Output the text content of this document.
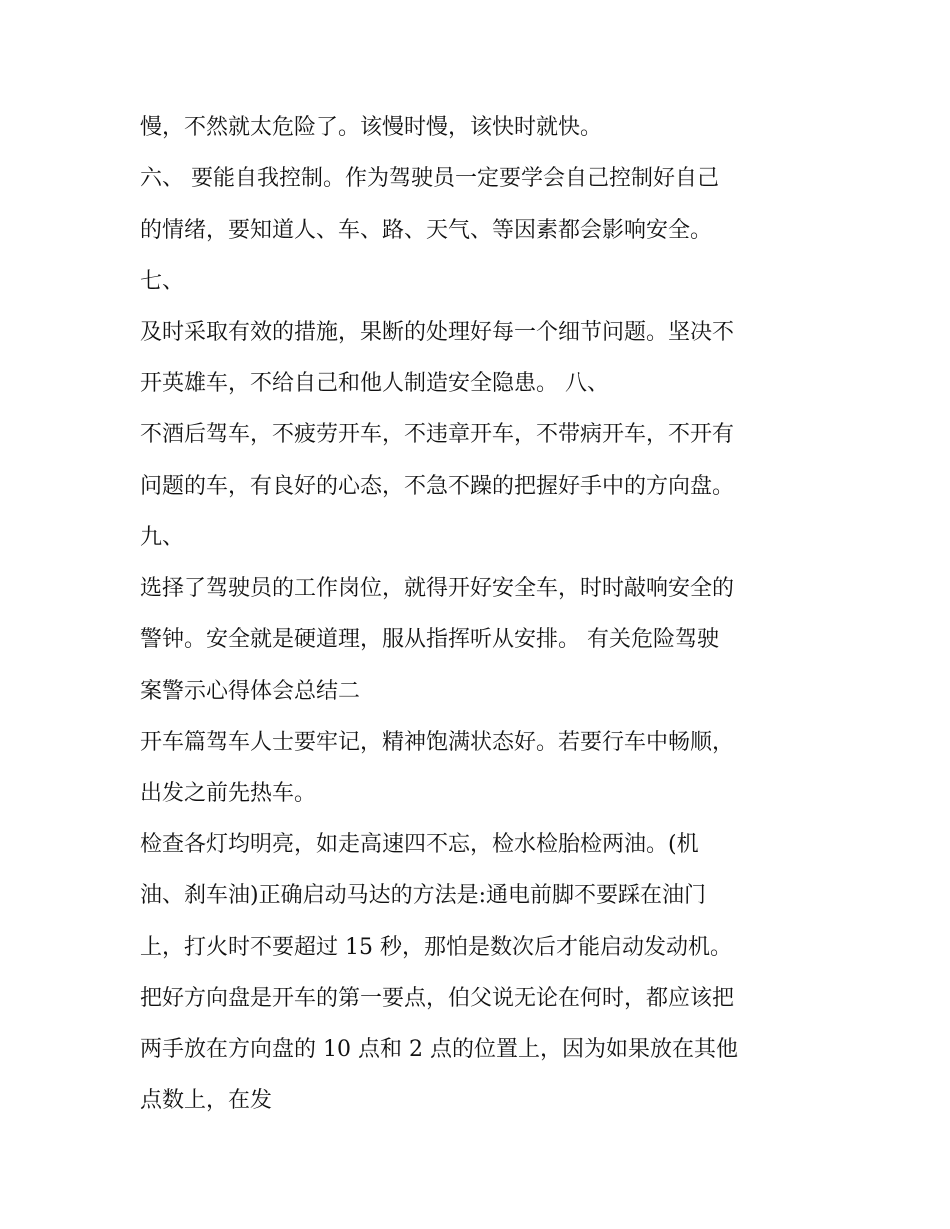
慢，不然就太危险了。该慢时慢，该快时就快。
六、 要能自我控制。作为驾驶员一定要学会自己控制好自己
的情绪，要知道人、车、路、天气、等因素都会影响安全。
七、
及时采取有效的措施，果断的处理好每一个细节问题。坚决不
开英雄车，不给自己和他人制造安全隐患。 八、
不酒后驾车，不疲劳开车，不违章开车，不带病开车，不开有
问题的车，有良好的心态，不急不躁的把握好手中的方向盘。
九、
选择了驾驶员的工作岗位，就得开好安全车，时时敲响安全的
警钟。安全就是硬道理，服从指挥听从安排。 有关危险驾驶
案警示心得体会总结二
开车篇驾车人士要牢记，精神饱满状态好。若要行车中畅顺，
出发之前先热车。
检查各灯均明亮，如走高速四不忘，检水检胎检两油。(机
油、刹车油)正确启动马达的方法是:通电前脚不要踩在油门
上，打火时不要超过 15 秒，那怕是数次后才能启动发动机。
把好方向盘是开车的第一要点，伯父说无论在何时，都应该把
两手放在方向盘的 10 点和 2 点的位置上，因为如果放在其他
点数上，在发
